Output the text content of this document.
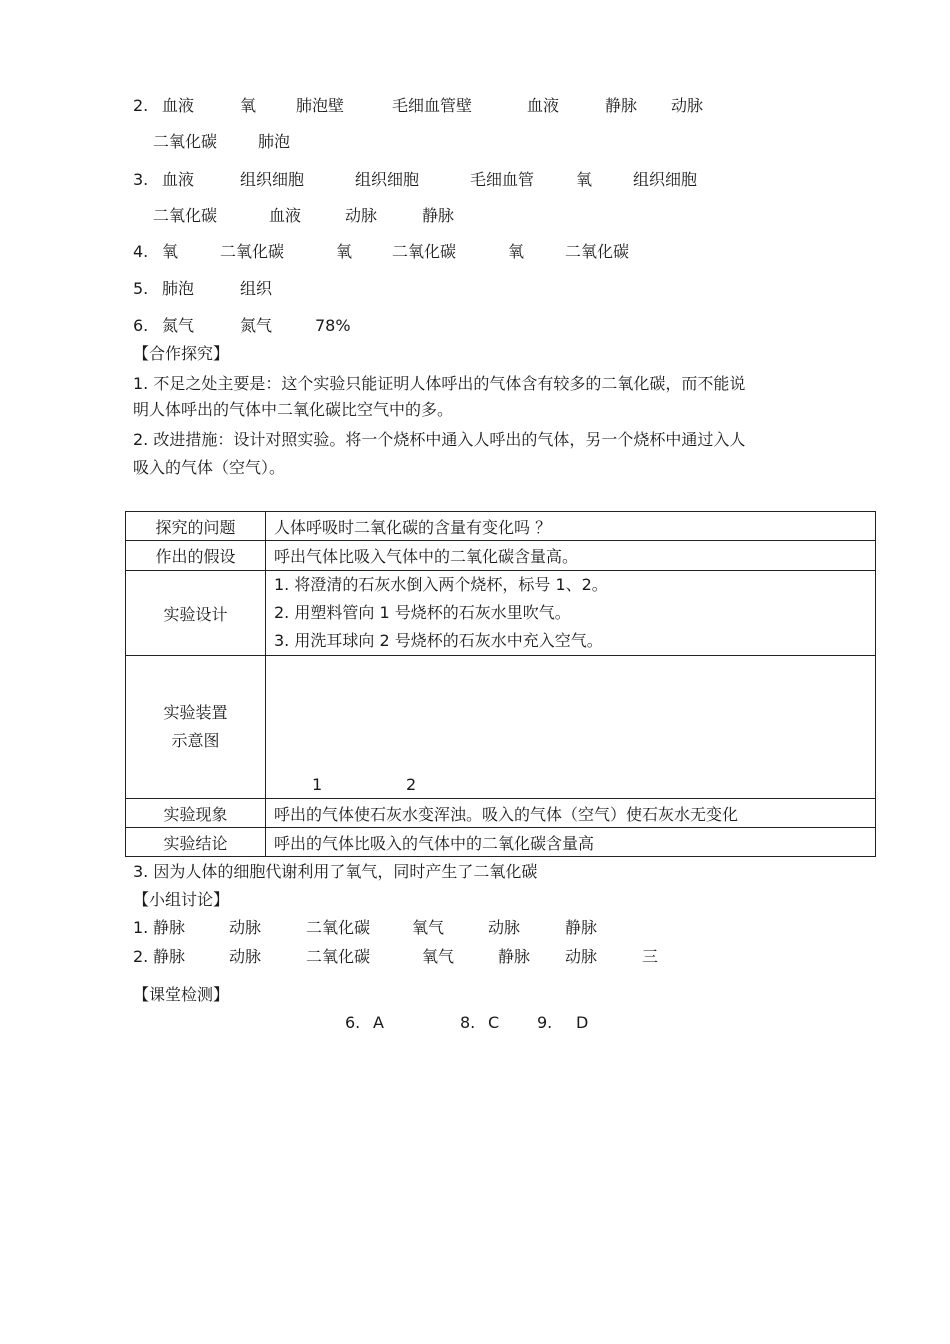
2. 血液	氧 肺泡壁	毛细血管壁	血液	静脉 动脉
二氧化碳	肺泡
3. 血液	组织细胞	组织细胞	毛细血管	氧	组织细胞
二氧化碳	血液	动脉	静脉
4. 氧	二氧化碳	氧 二氧化碳	氧	二氧化碳
5. 肺泡	组织
6. 氮气	氮气	78%
【合作探究】
1. 不足之处主要是：这个实验只能证明人体呼出的气体含有较多的二氧化碳，而不能说
明人体呼出的气体中二氧化碳比空气中的多。
2. 改进措施：设计对照实验。将一个烧杯中通入人呼出的气体，另一个烧杯中通过入人
吸入的气体（空气）。
探究的问题	人体呼吸时二氧化碳的含量有变化吗 ？
作出的假设	呼出气体比吸入气体中的二氧化碳含量高。
实验设计	1. 将澄清的石灰水倒入两个烧杯，标号 1、2。
2. 用塑料管向 1 号烧杯的石灰水里吹气。
3. 用洗耳球向 2 号烧杯的石灰水中充入空气。

实验装置
示意图	1 2

实验现象	呼出的气体使石灰水变浑浊。吸入的气体（空气）使石灰水无变化
实验结论	呼出的气体比吸入的气体中的二氧化碳含量高
3. 因为人体的细胞代谢利用了氧气，同时产生了二氧化碳
【小组讨论】
1. 静脉	动脉	二氧化碳	氧气	动脉	静脉
2. 静脉	动脉	二氧化碳	氧气	静脉 动脉	三
【课堂检测】
6. A	8. C 9. D
